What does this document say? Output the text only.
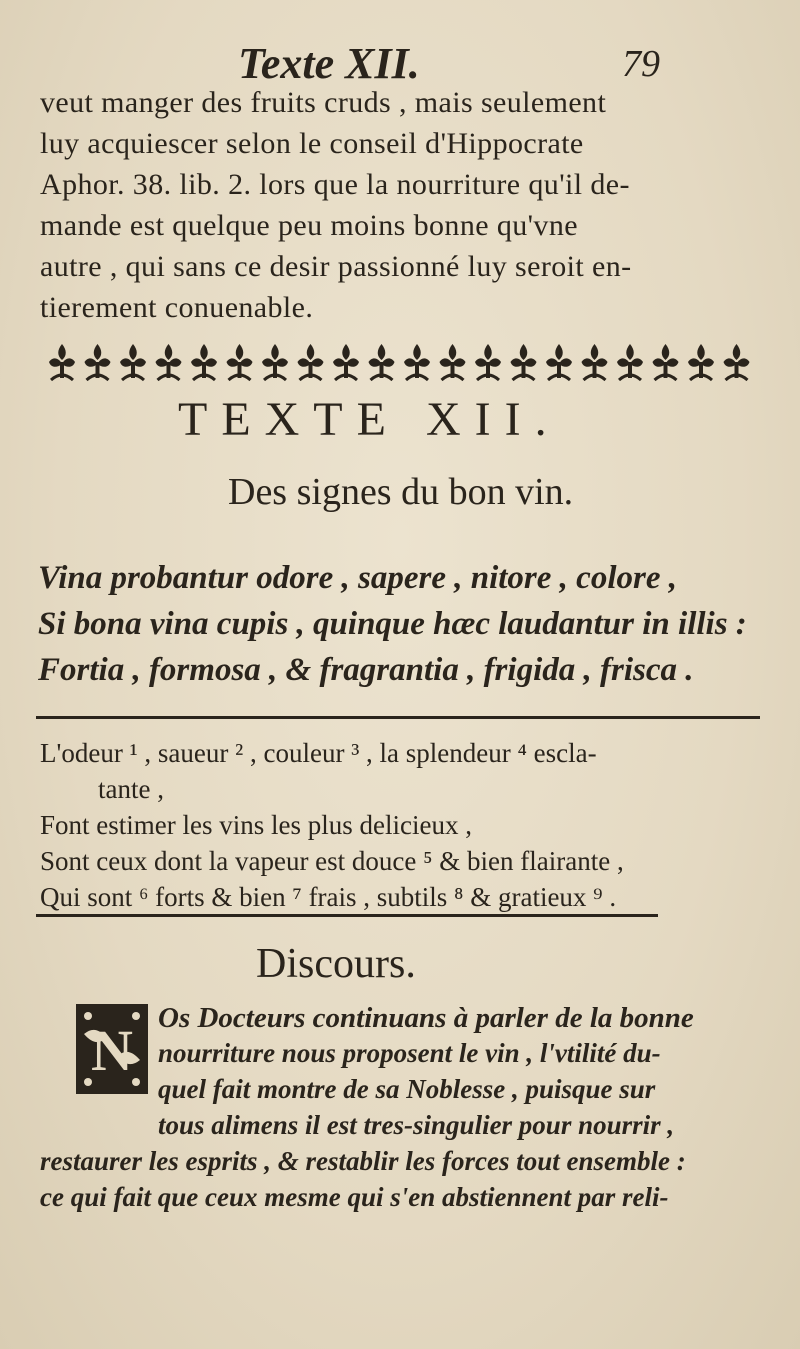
Texte XII.	79
veut manger des fruits cruds , mais seulement
luy acquiescer selon le conseil d'Hippocrate
Aphor. 38. lib. 2. lors que la nourriture qu'il de-
mande est quelque peu moins bonne qu'vne
autre , qui sans ce desir passionné luy seroit en-
tierement conuenable.
TEXTE XII.
Des signes du bon vin.
Vina probantur odore , sapere , nitore , colore ,
Si bona vina cupis , quinque hæc laudantur in illis :
Fortia , formosa , & fragrantia , frigida , frisca .
L'odeur ¹ , saueur ² , couleur ³ , la splendeur ⁴ escla-
tante ,
Font estimer les vins les plus delicieux ,
Sont ceux dont la vapeur est douce ⁵ & bien flairante ,
Qui sont ⁶ forts & bien ⁷ frais , subtils ⁸ & gratieux ⁹ .
Discours.
N Os Docteurs continuans à parler de la bonne
nourriture nous proposent le vin , l'vtilité du-
quel fait montre de sa Noblesse , puisque sur
tous alimens il est tres-singulier pour nourrir ,
restaurer les esprits , & restablir les forces tout ensemble :
ce qui fait que ceux mesme qui s'en abstiennent par reli-
